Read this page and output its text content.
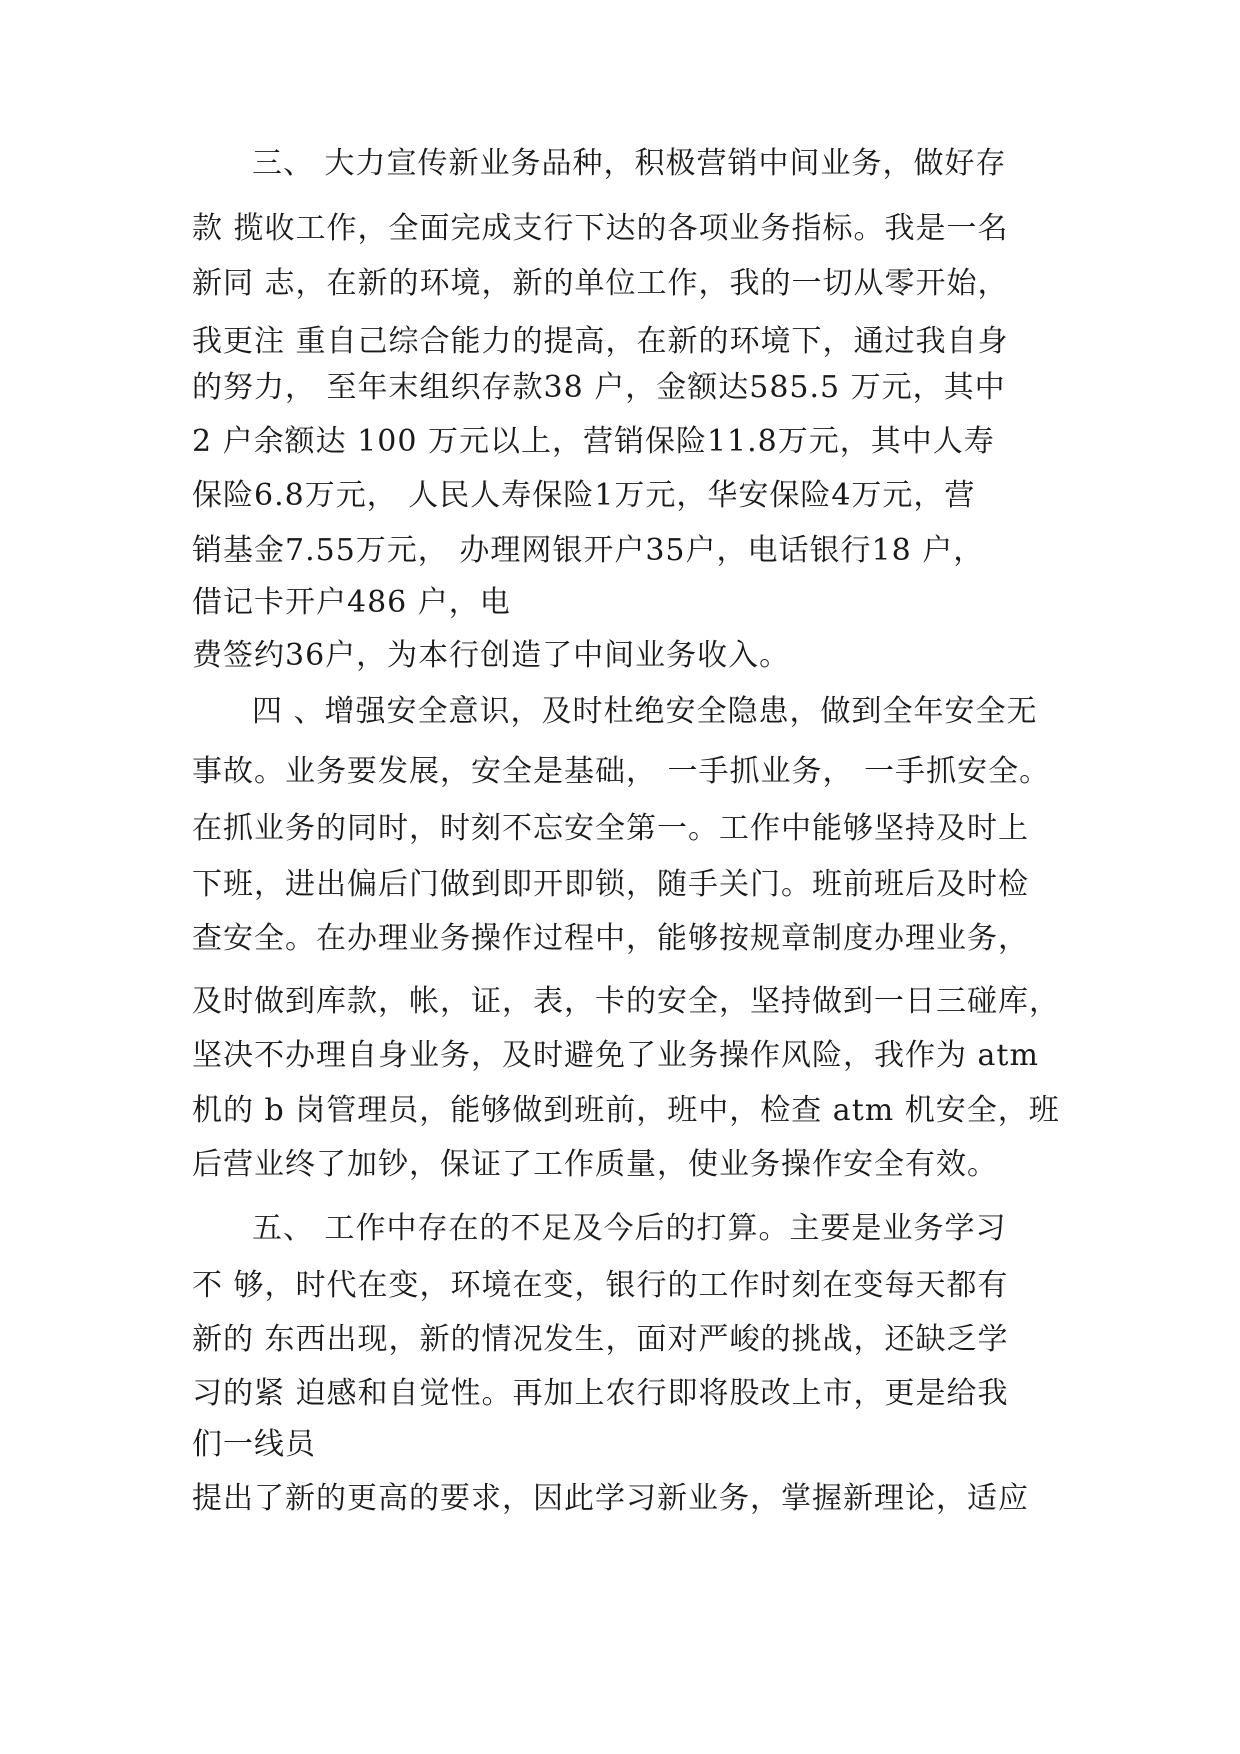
三、 大力宣传新业务品种，积极营销中间业务，做好存

款 揽收工作，全面完成支行下达的各项业务指标。我是一名

新同 志，在新的环境，新的单位工作，我的一切从零开始，

我更注 重自己综合能力的提高，在新的环境下，通过我自身

的努力， 至年末组织存款38 户，金额达585.5 万元，其中

2 户余额达 100 万元以上，营销保险11.8万元，其中人寿

保险6.8万元， 人民人寿保险1万元，华安保险4万元，营

销基金7.55万元， 办理网银开户35户，电话银行18 户，

借记卡开户486 户，电

费签约36户，为本行创造了中间业务收入。

四 、增强安全意识，及时杜绝安全隐患，做到全年安全无

事故。业务要发展，安全是基础， 一手抓业务， 一手抓安全。

在抓业务的同时，时刻不忘安全第一。工作中能够坚持及时上

下班，进出偏后门做到即开即锁，随手关门。班前班后及时检

查安全。在办理业务操作过程中，能够按规章制度办理业务，

及时做到库款，帐，证，表，卡的安全，坚持做到一日三碰库，

坚决不办理自身业务，及时避免了业务操作风险，我作为 atm

机的 b 岗管理员，能够做到班前，班中，检查 atm 机安全，班

后营业终了加钞，保证了工作质量，使业务操作安全有效。

五、 工作中存在的不足及今后的打算。主要是业务学习

不 够，时代在变，环境在变，银行的工作时刻在变每天都有

新的 东西出现，新的情况发生，面对严峻的挑战，还缺乏学

习的紧 迫感和自觉性。再加上农行即将股改上市，更是给我

们一线员

提出了新的更高的要求，因此学习新业务，掌握新理论，适应
